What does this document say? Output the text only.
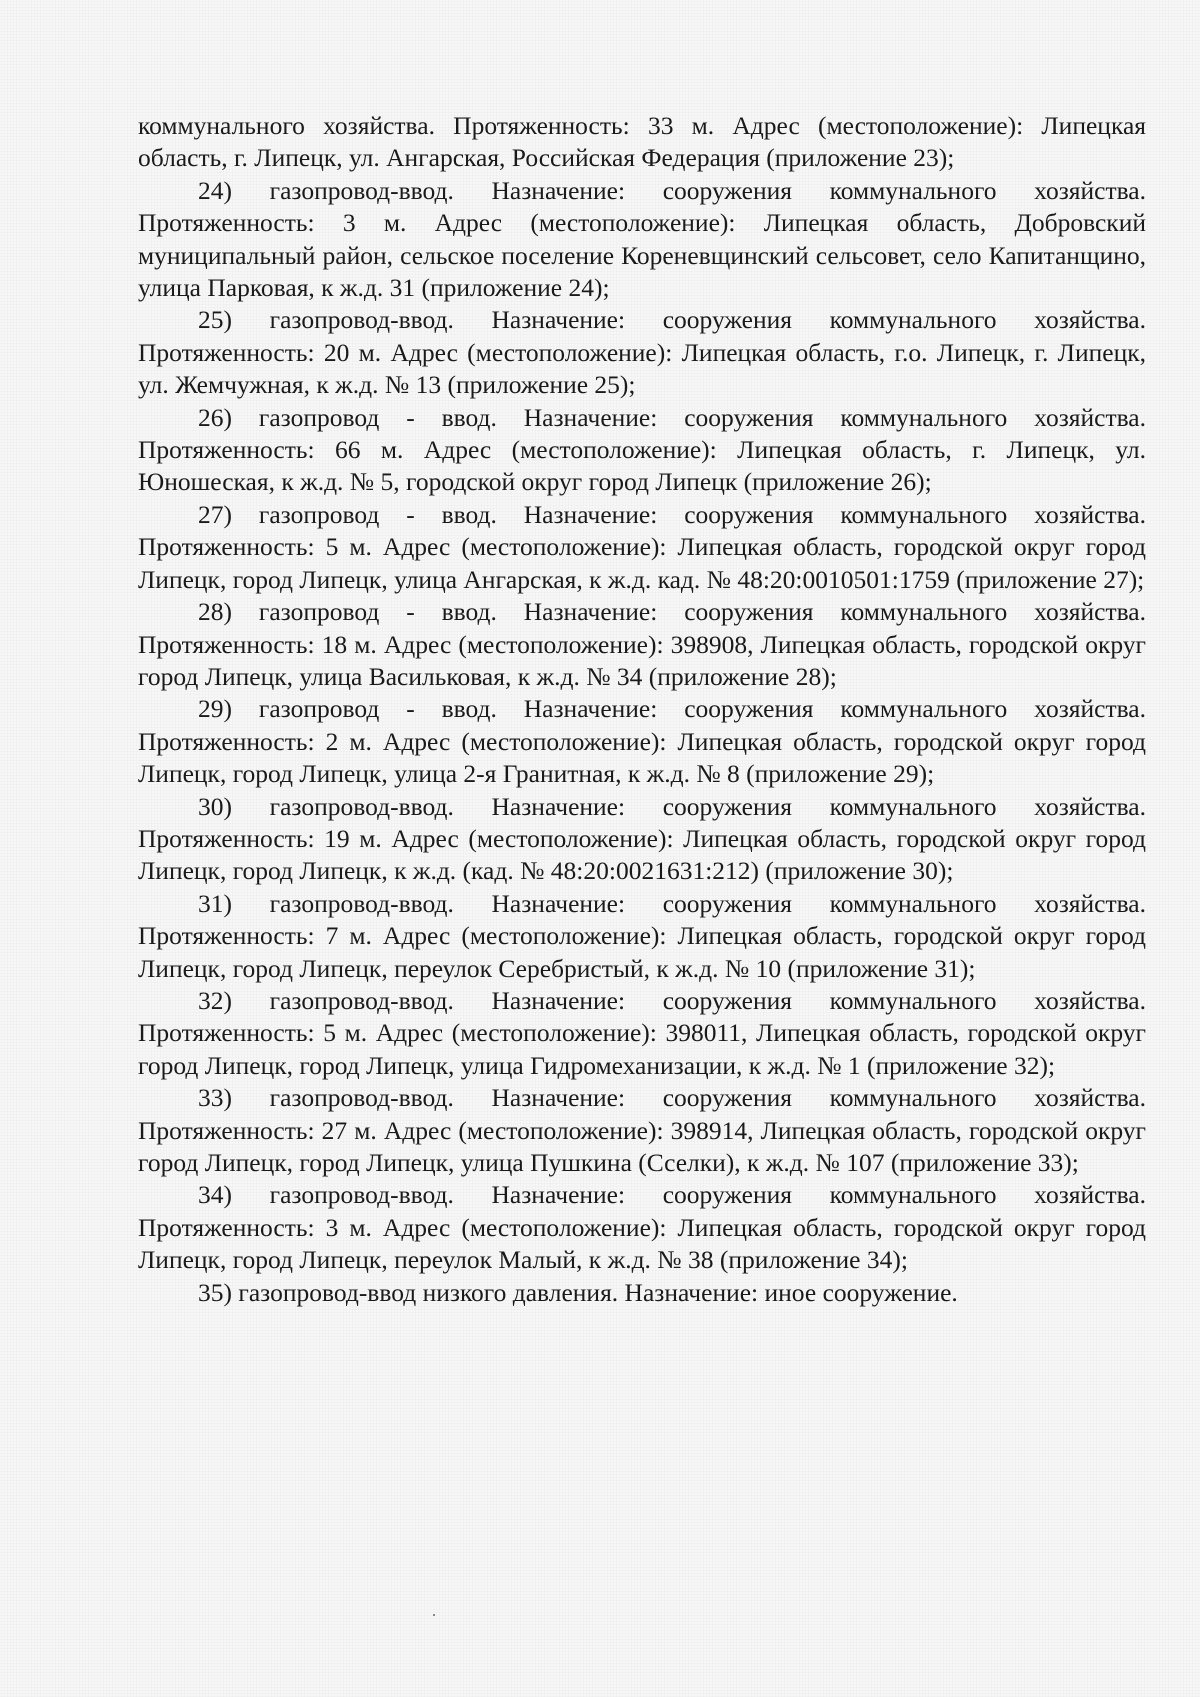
коммунального хозяйства. Протяженность: 33 м. Адрес (местоположение): Липецкая область, г. Липецк, ул. Ангарская, Российская Федерация (приложение 23);

24) газопровод-ввод. Назначение: сооружения коммунального хозяйства. Протяженность: 3 м. Адрес (местоположение): Липецкая область, Добровский муниципальный район, сельское поселение Кореневщинский сельсовет, село Капитанщино, улица Парковая, к ж.д. 31 (приложение 24);

25) газопровод-ввод. Назначение: сооружения коммунального хозяйства. Протяженность: 20 м. Адрес (местоположение): Липецкая область, г.о. Липецк, г. Липецк, ул. Жемчужная, к ж.д. № 13 (приложение 25);

26) газопровод - ввод. Назначение: сооружения коммунального хозяйства. Протяженность: 66 м. Адрес (местоположение): Липецкая область, г. Липецк, ул. Юношеская, к ж.д. № 5, городской округ город Липецк (приложение 26);

27) газопровод - ввод. Назначение: сооружения коммунального хозяйства. Протяженность: 5 м. Адрес (местоположение): Липецкая область, городской округ город Липецк, город Липецк, улица Ангарская, к ж.д. кад. № 48:20:0010501:1759 (приложение 27);

28) газопровод - ввод. Назначение: сооружения коммунального хозяйства. Протяженность: 18 м. Адрес (местоположение): 398908, Липецкая область, городской округ город Липецк, улица Васильковая, к ж.д. № 34 (приложение 28);

29) газопровод - ввод. Назначение: сооружения коммунального хозяйства. Протяженность: 2 м. Адрес (местоположение): Липецкая область, городской округ город Липецк, город Липецк, улица 2-я Гранитная, к ж.д. № 8 (приложение 29);

30) газопровод-ввод. Назначение: сооружения коммунального хозяйства. Протяженность: 19 м. Адрес (местоположение): Липецкая область, городской округ город Липецк, город Липецк, к ж.д. (кад. № 48:20:0021631:212) (приложение 30);

31) газопровод-ввод. Назначение: сооружения коммунального хозяйства. Протяженность: 7 м. Адрес (местоположение): Липецкая область, городской округ город Липецк, город Липецк, переулок Серебристый, к ж.д. № 10 (приложение 31);

32) газопровод-ввод. Назначение: сооружения коммунального хозяйства. Протяженность: 5 м. Адрес (местоположение): 398011, Липецкая область, городской округ город Липецк, город Липецк, улица Гидромеханизации, к ж.д. № 1 (приложение 32);

33) газопровод-ввод. Назначение: сооружения коммунального хозяйства. Протяженность: 27 м. Адрес (местоположение): 398914, Липецкая область, городской округ город Липецк, город Липецк, улица Пушкина (Сселки), к ж.д. № 107 (приложение 33);

34) газопровод-ввод. Назначение: сооружения коммунального хозяйства. Протяженность: 3 м. Адрес (местоположение): Липецкая область, городской округ город Липецк, город Липецк, переулок Малый, к ж.д. № 38 (приложение 34);

35) газопровод-ввод низкого давления. Назначение: иное сооружение.
